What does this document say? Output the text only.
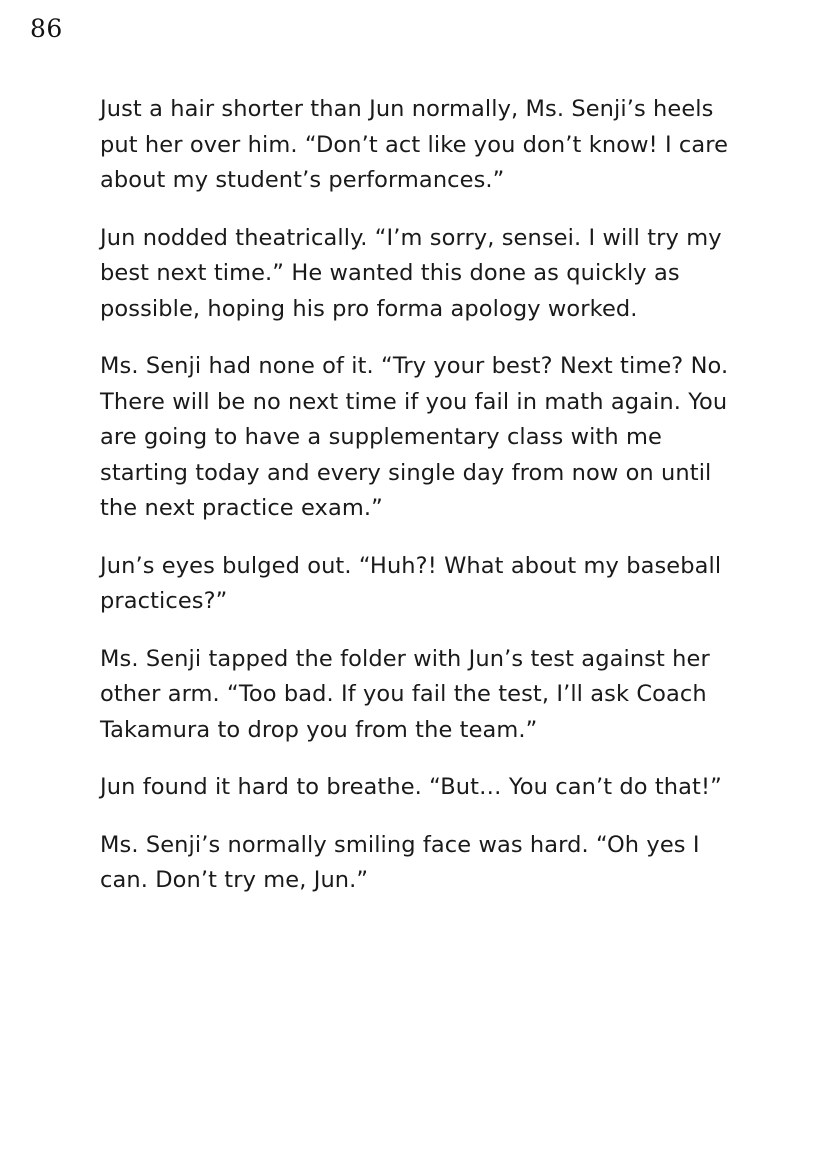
86

Just a hair shorter than Jun normally, Ms. Senji’s heels put her over him. “Don’t act like you don’t know! I care about my student’s performances.”

Jun nodded theatrically. “I’m sorry, sensei. I will try my best next time.” He wanted this done as quickly as possible, hoping his pro forma apology worked.

Ms. Senji had none of it. “Try your best? Next time? No. There will be no next time if you fail in math again. You are going to have a supplementary class with me starting today and every single day from now on until the next practice exam.”

Jun’s eyes bulged out. “Huh?! What about my baseball practices?”

Ms. Senji tapped the folder with Jun’s test against her other arm. “Too bad. If you fail the test, I’ll ask Coach Takamura to drop you from the team.”

Jun found it hard to breathe. “But… You can’t do that!”

Ms. Senji’s normally smiling face was hard. “Oh yes I can. Don’t try me, Jun.”
